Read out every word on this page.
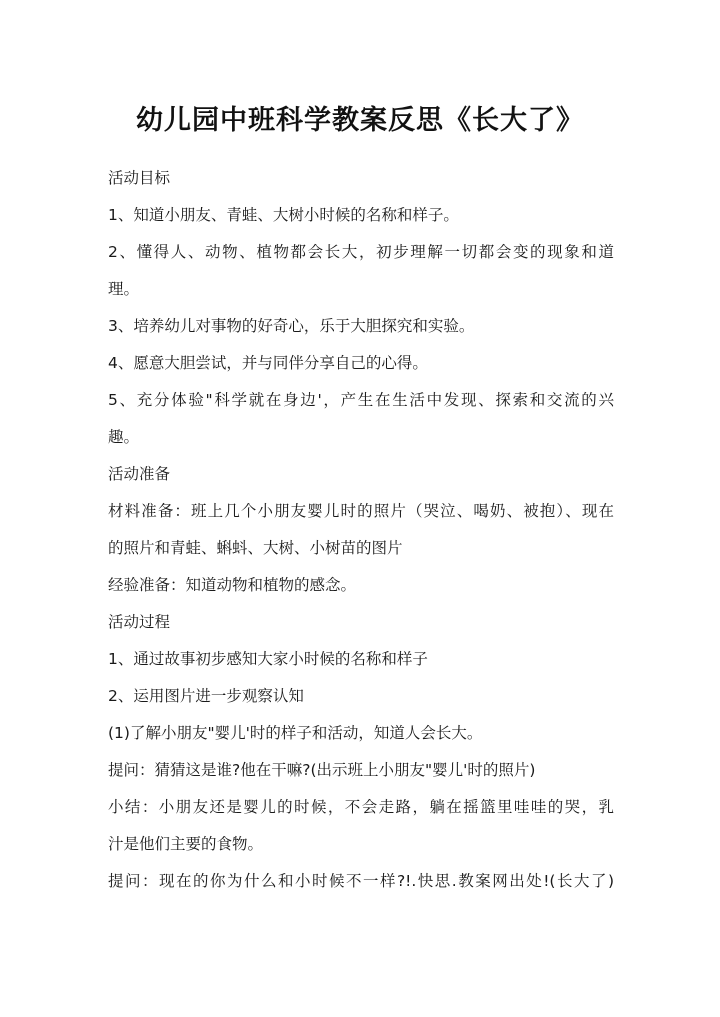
幼儿园中班科学教案反思《长大了》
活动目标
1、知道小朋友、青蛙、大树小时候的名称和样子。
2、懂得人、动物、植物都会长大，初步理解一切都会变的现象和道
理。
3、培养幼儿对事物的好奇心，乐于大胆探究和实验。
4、愿意大胆尝试，并与同伴分享自己的心得。
5、充分体验"科学就在身边'，产生在生活中发现、探索和交流的兴
趣。
活动准备
材料准备：班上几个小朋友婴儿时的照片（哭泣、喝奶、被抱）、现在
的照片和青蛙、蝌蚪、大树、小树苗的图片
经验准备：知道动物和植物的感念。
活动过程
1、通过故事初步感知大家小时候的名称和样子
2、运用图片进一步观察认知
(1)了解小朋友"婴儿'时的样子和活动，知道人会长大。
提问：猜猜这是谁?他在干嘛?(出示班上小朋友"婴儿'时的照片)
小结：小朋友还是婴儿的时候，不会走路，躺在摇篮里哇哇的哭，乳
汁是他们主要的食物。
提问：现在的你为什么和小时候不一样?!.快思.教案网出处!(长大了)
